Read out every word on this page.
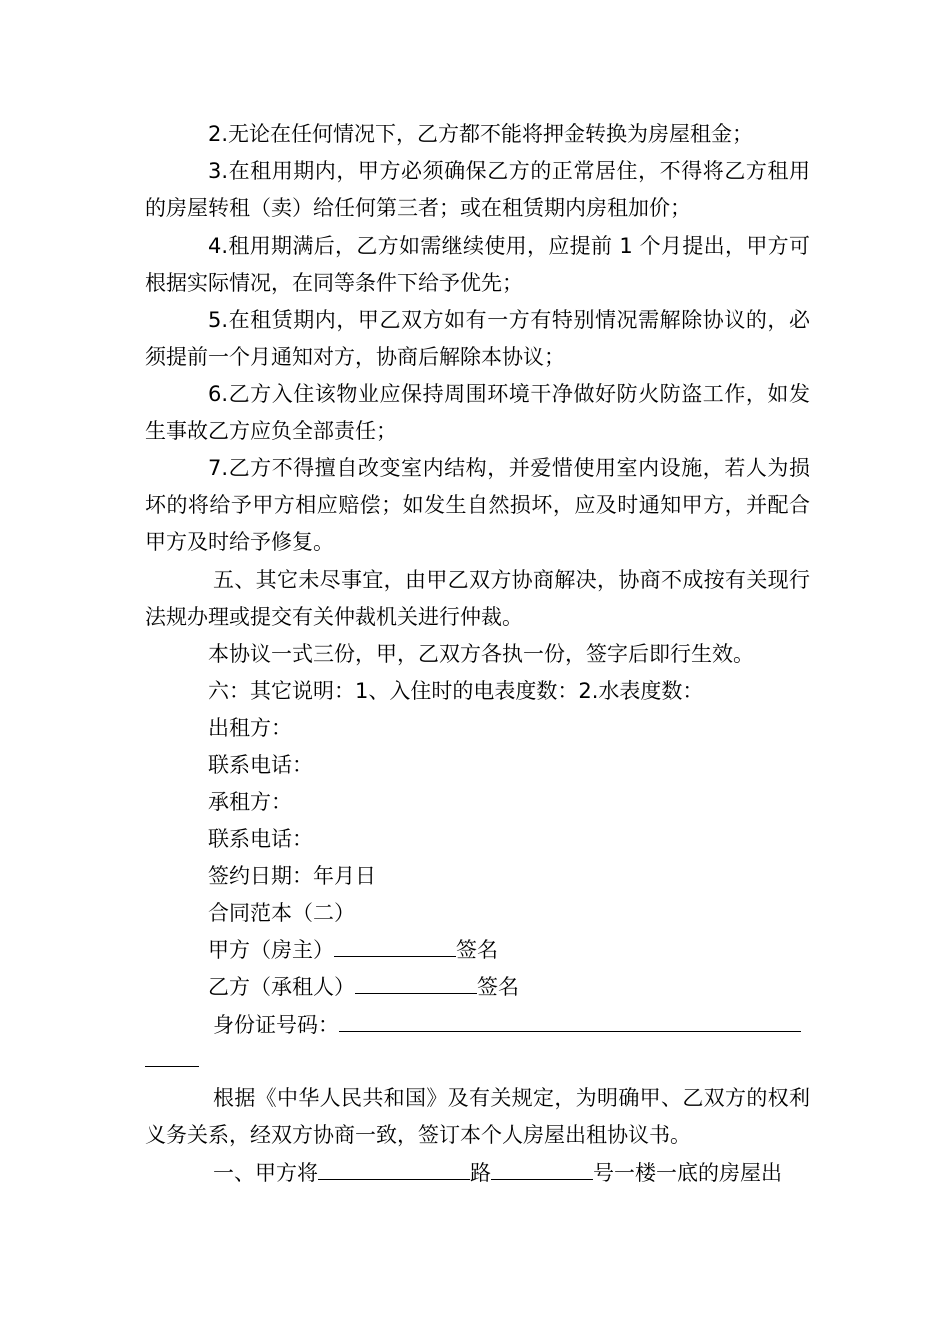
2.无论在任何情况下，乙方都不能将押金转换为房屋租金；

3.在租用期内，甲方必须确保乙方的正常居住，不得将乙方租用的房屋转租（卖）给任何第三者；或在租赁期内房租加价；

4.租用期满后，乙方如需继续使用，应提前 1 个月提出，甲方可根据实际情况，在同等条件下给予优先；

5.在租赁期内，甲乙双方如有一方有特别情况需解除协议的，必须提前一个月通知对方，协商后解除本协议；

6.乙方入住该物业应保持周围环境干净做好防火防盗工作，如发生事故乙方应负全部责任；

7.乙方不得擅自改变室内结构，并爱惜使用室内设施，若人为损坏的将给予甲方相应赔偿；如发生自然损坏，应及时通知甲方，并配合甲方及时给予修复。

五、其它未尽事宜，由甲乙双方协商解决，协商不成按有关现行法规办理或提交有关仲裁机关进行仲裁。

本协议一式三份，甲，乙双方各执一份，签字后即行生效。
六：其它说明：1、入住时的电表度数：2.水表度数：
出租方：
联系电话：
承租方：
联系电话：
签约日期：年月日
合同范本（二）
甲方（房主）	签名
乙方（承租人）	签名
身份证号码：

根据《中华人民共和国》及有关规定，为明确甲、乙双方的权利义务关系，经双方协商一致，签订本个人房屋出租协议书。

一、甲方将	路	号一楼一底的房屋出
